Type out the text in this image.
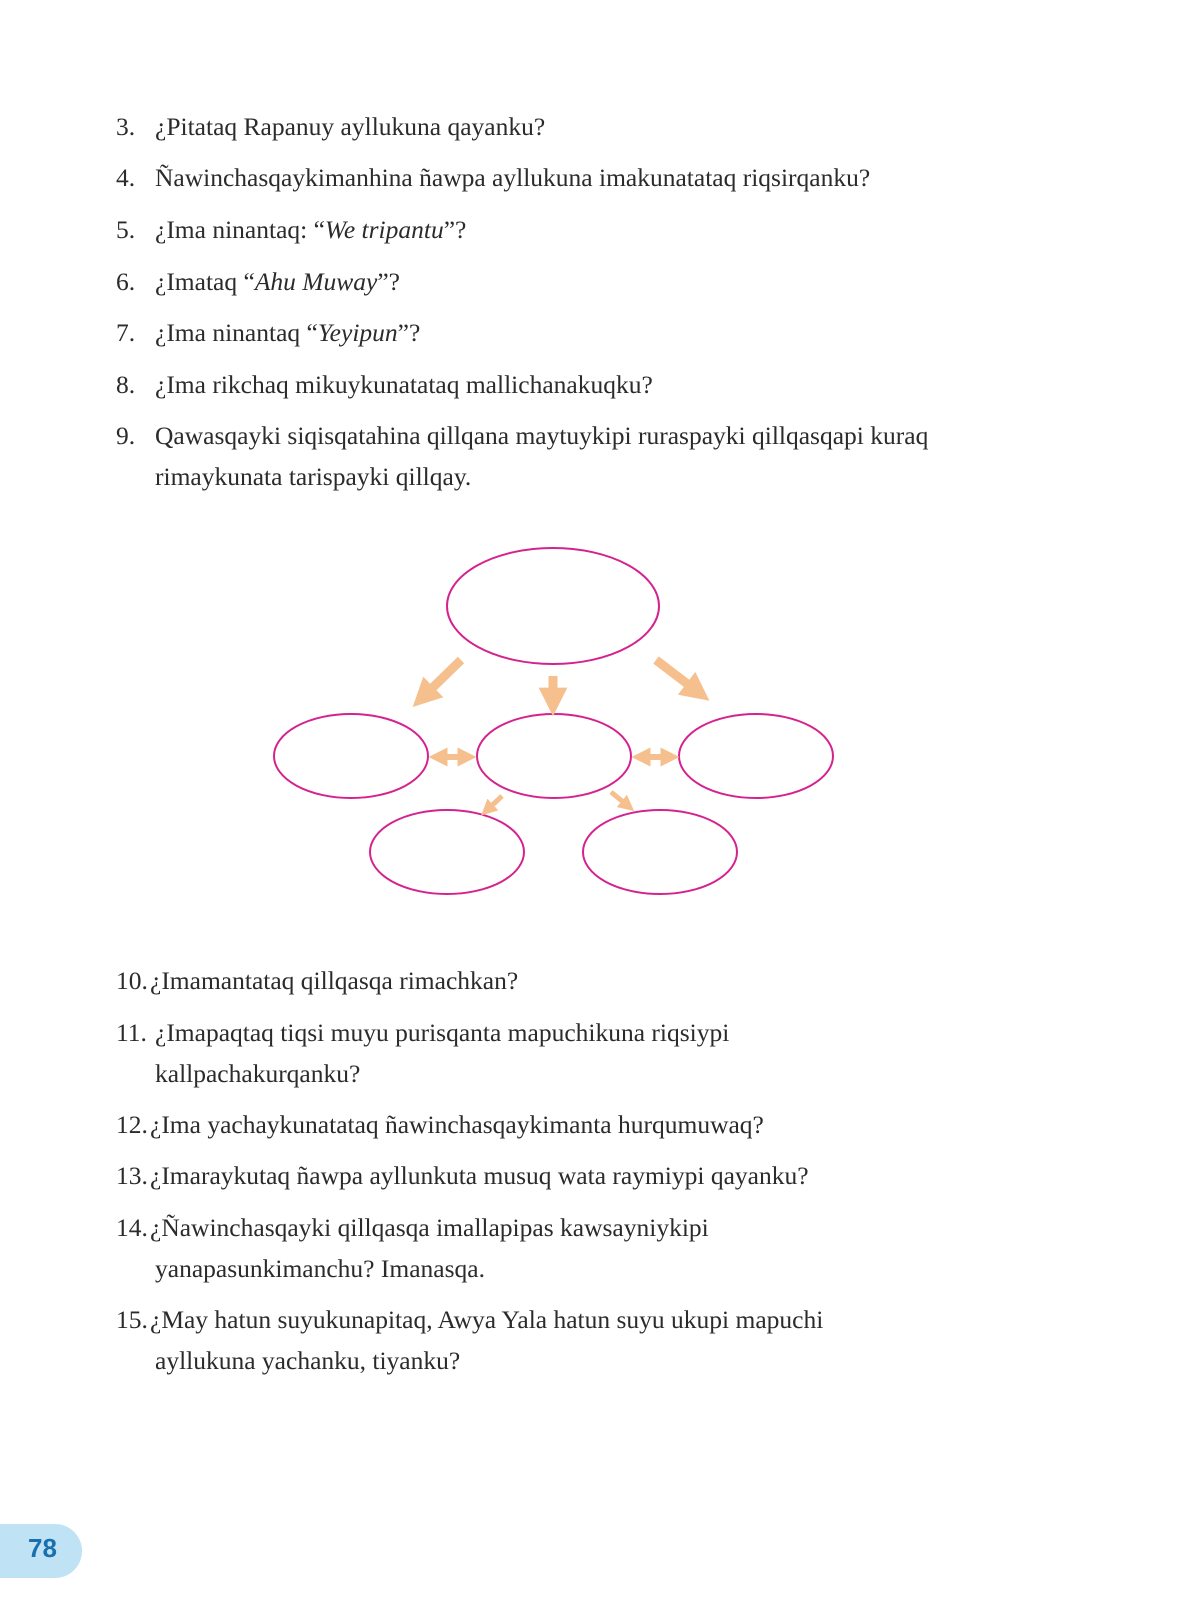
3. ¿Pitataq Rapanuy ayllukuna qayanku?

4. Ñawinchasqaykimanhina ñawpa ayllukuna imakunatataq riqsirqanku?

5. ¿Ima ninantaq: “We tripantu”?

6. ¿Imataq “Ahu Muway”?

7. ¿Ima ninantaq “Yeyipun”?

8. ¿Ima rikchaq mikuykunatataq mallichanakuqku?

9. Qawasqayki siqisqatahina qillqana maytuykipi ruraspayki qillqasqapi kuraq
rimaykunata tarispayki qillqay.

10. ¿Imamantataq qillqasqa rimachkan?

11. ¿Imapaqtaq tiqsi muyu purisqanta mapuchikuna riqsiypi
kallpachakurqanku?

12. ¿Ima yachaykunatataq ñawinchasqaykimanta hurqumuwaq?

13. ¿Imaraykutaq ñawpa ayllunkuta musuq wata raymiypi qayanku?

14. ¿Ñawinchasqayki qillqasqa imallapipas kawsayniykipi
yanapasunkimanchu? Imanasqa.

15. ¿May hatun suyukunapitaq, Awya Yala hatun suyu ukupi mapuchi
ayllukuna yachanku, tiyanku?

78
